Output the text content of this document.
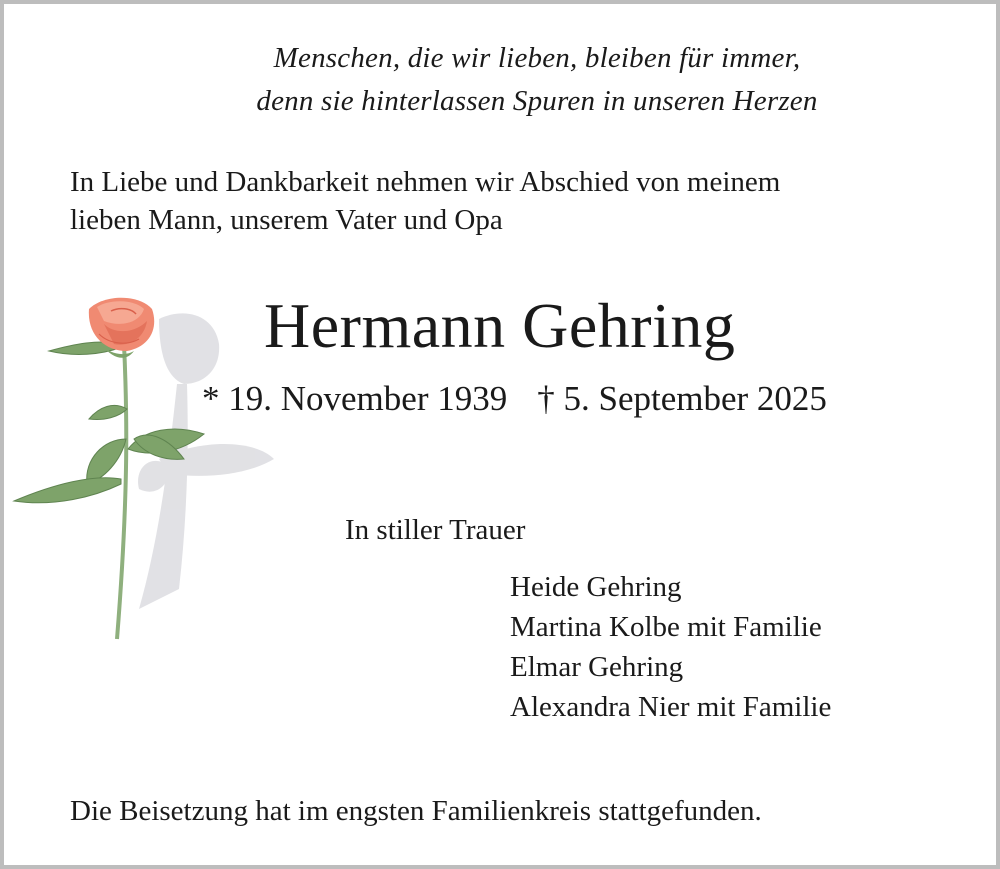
Menschen, die wir lieben, bleiben für immer,
denn sie hinterlassen Spuren in unseren Herzen
In Liebe und Dankbarkeit nehmen wir Abschied von meinem
lieben Mann, unserem Vater und Opa
Hermann Gehring
* 19. November 1939 † 5. September 2025
In stiller Trauer
Heide Gehring
Martina Kolbe mit Familie
Elmar Gehring
Alexandra Nier mit Familie
Die Beisetzung hat im engsten Familienkreis stattgefunden.
